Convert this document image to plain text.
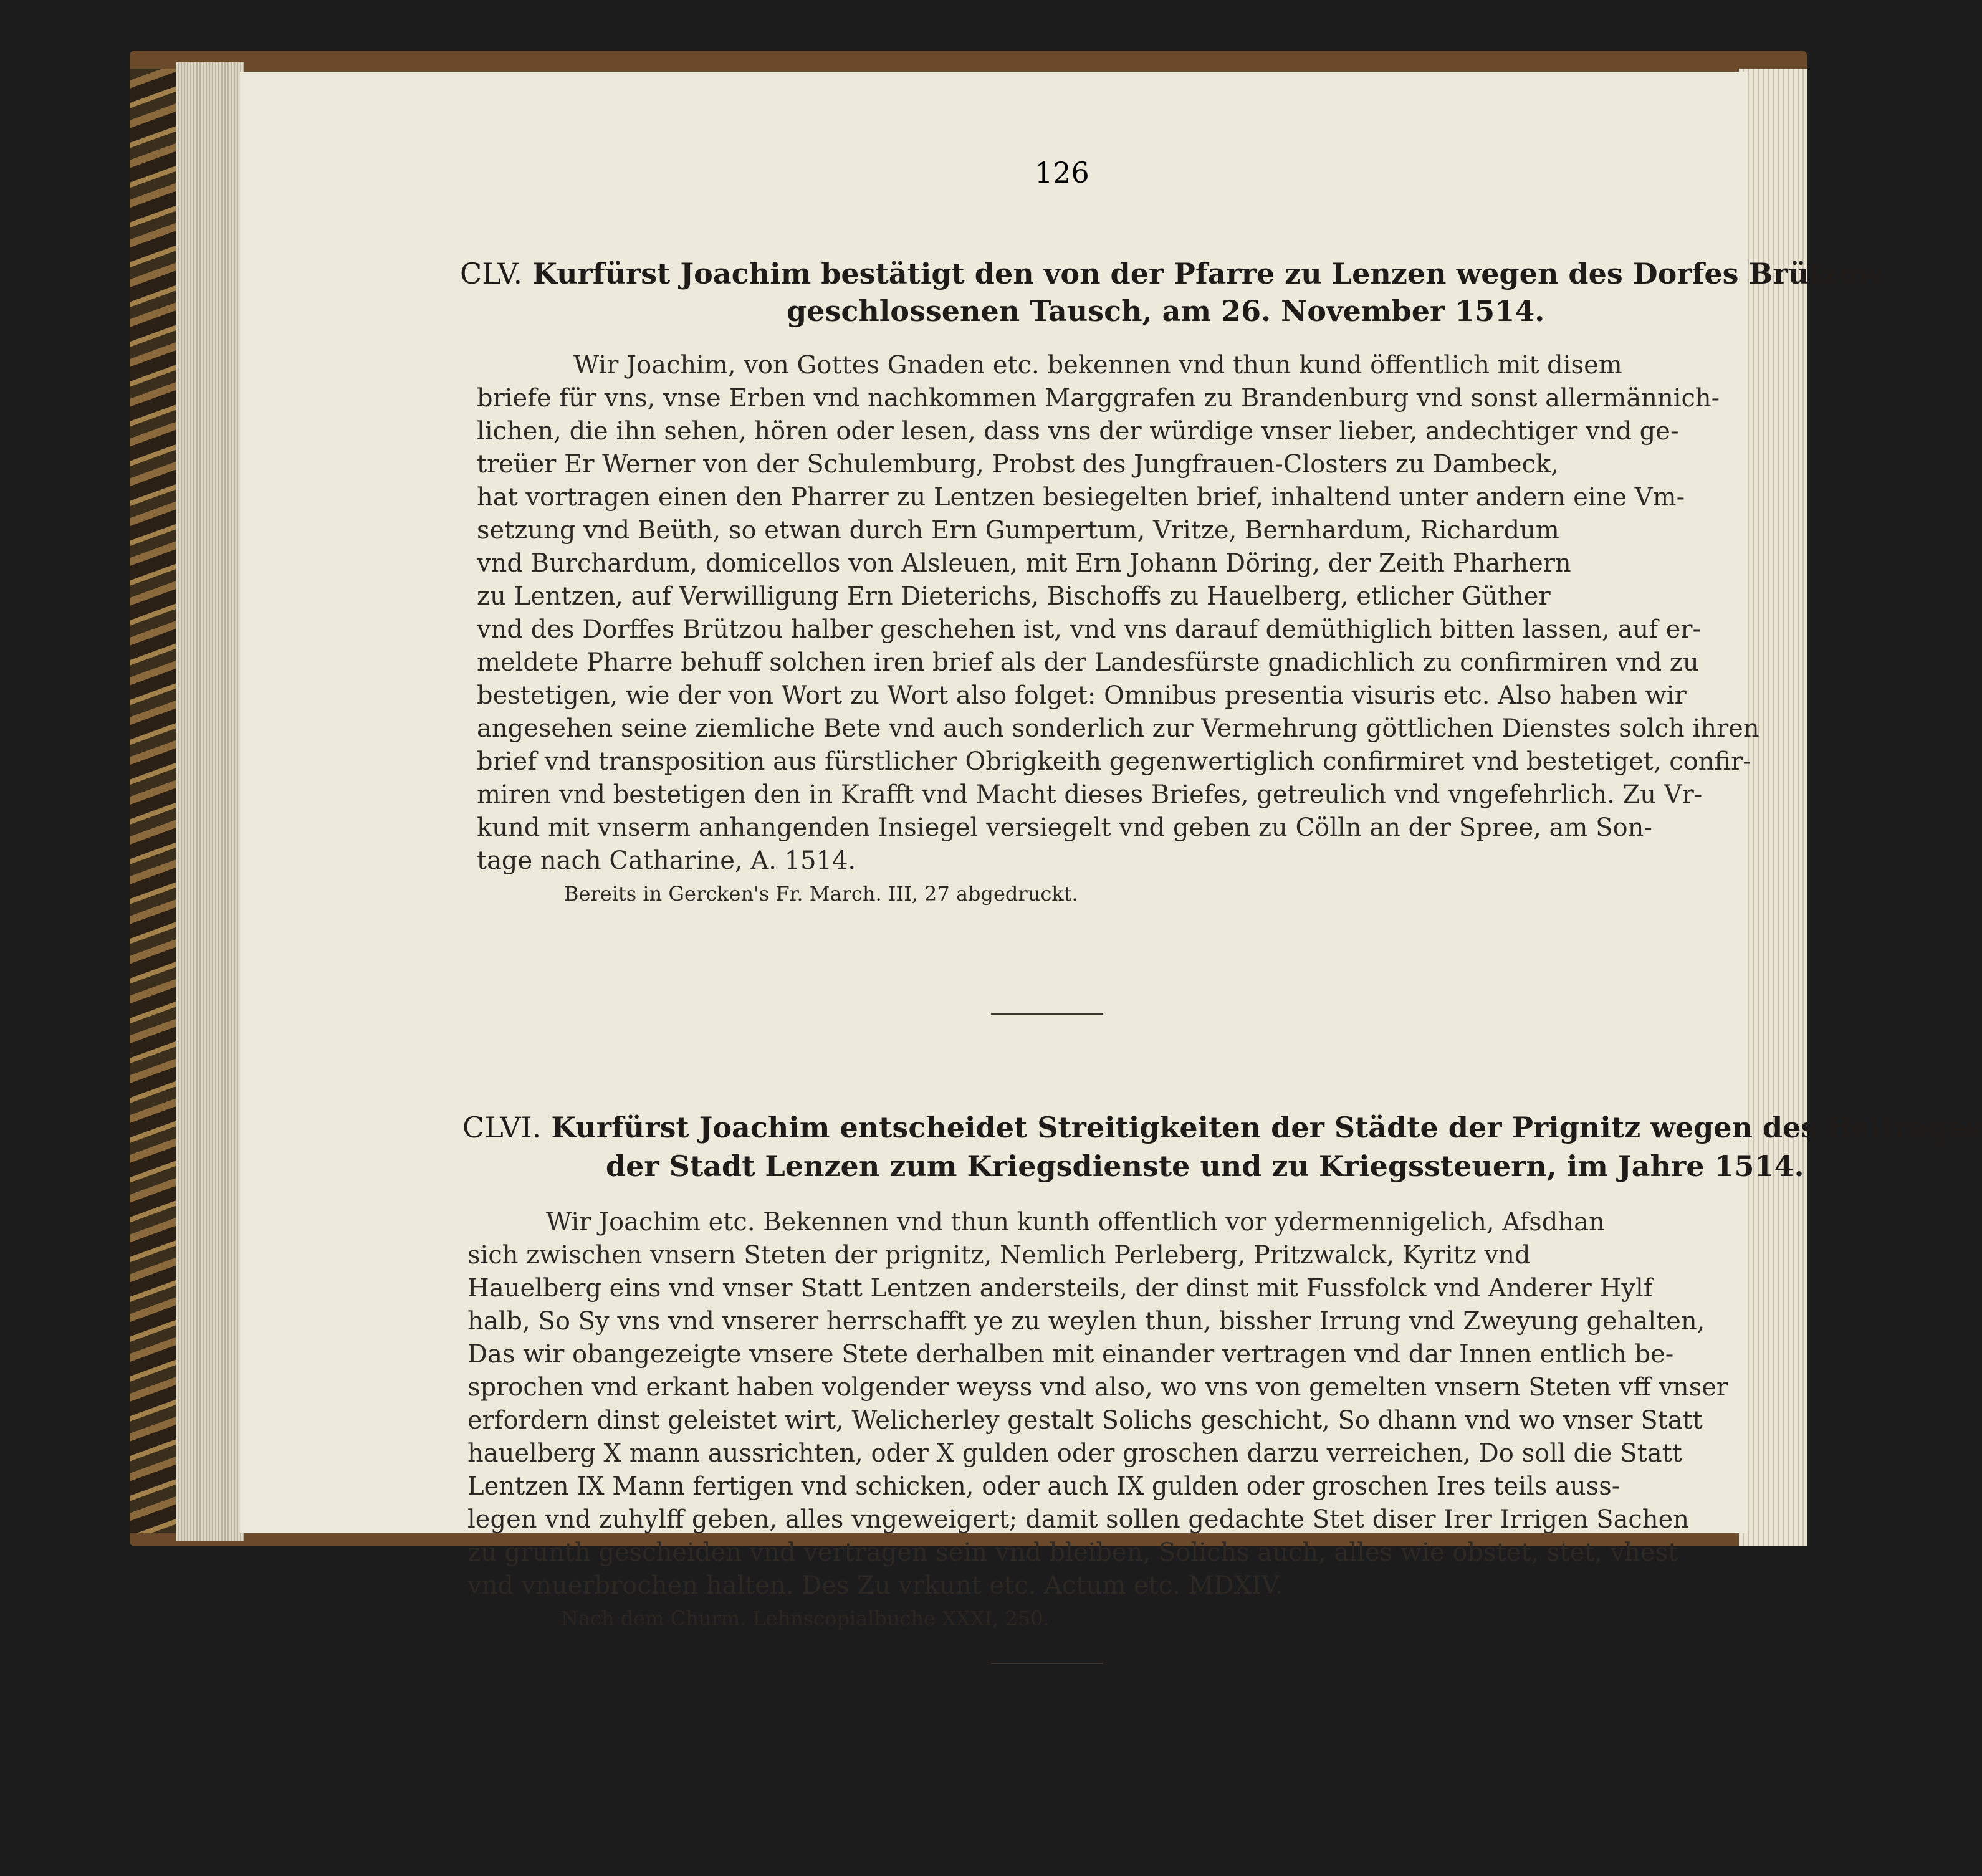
126
CLV. Kurfürst Joachim bestätigt den von der Pfarre zu Lenzen wegen des Dorfes Brützow
geschlossenen Tausch, am 26. November 1514.
Wir Joachim, von Gottes Gnaden etc. bekennen vnd thun kund öffentlich mit disem
briefe für vns, vnse Erben vnd nachkommen Marggrafen zu Brandenburg vnd sonst allermännich-
lichen, die ihn sehen, hören oder lesen, dass vns der würdige vnser lieber, andechtiger vnd ge-
treüer Er Werner von der Schulemburg, Probst des Jungfrauen-Closters zu Dambeck,
hat vortragen einen den Pharrer zu Lentzen besiegelten brief, inhaltend unter andern eine Vm-
setzung vnd Beüth, so etwan durch Ern Gumpertum, Vritze, Bernhardum, Richardum
vnd Burchardum, domicellos von Alsleuen, mit Ern Johann Döring, der Zeith Pharhern
zu Lentzen, auf Verwilligung Ern Dieterichs, Bischoffs zu Hauelberg, etlicher Güther
vnd des Dorffes Brützou halber geschehen ist, vnd vns darauf demüthiglich bitten lassen, auf er-
meldete Pharre behuff solchen iren brief als der Landesfürste gnadichlich zu confirmiren vnd zu
bestetigen, wie der von Wort zu Wort also folget: Omnibus presentia visuris etc. Also haben wir
angesehen seine ziemliche Bete vnd auch sonderlich zur Vermehrung göttlichen Dienstes solch ihren
brief vnd transposition aus fürstlicher Obrigkeith gegenwertiglich confirmiret vnd bestetiget, confir-
miren vnd bestetigen den in Krafft vnd Macht dieses Briefes, getreulich vnd vngefehrlich. Zu Vr-
kund mit vnserm anhangenden Insiegel versiegelt vnd geben zu Cölln an der Spree, am Son-
tage nach Catharine, A. 1514.
Bereits in Gercken's Fr. March. III, 27 abgedruckt.
CLVI. Kurfürst Joachim entscheidet Streitigkeiten der Städte der Prignitz wegen des Beitrages
der Stadt Lenzen zum Kriegsdienste und zu Kriegssteuern, im Jahre 1514.
Wir Joachim etc. Bekennen vnd thun kunth offentlich vor ydermennigelich, Afsdhan
sich zwischen vnsern Steten der prignitz, Nemlich Perleberg, Pritzwalck, Kyritz vnd
Hauelberg eins vnd vnser Statt Lentzen andersteils, der dinst mit Fussfolck vnd Anderer Hylf
halb, So Sy vns vnd vnserer herrschafft ye zu weylen thun, bissher Irrung vnd Zweyung gehalten,
Das wir obangezeigte vnsere Stete derhalben mit einander vertragen vnd dar Innen entlich be-
sprochen vnd erkant haben volgender weyss vnd also, wo vns von gemelten vnsern Steten vff vnser
erfordern dinst geleistet wirt, Welicherley gestalt Solichs geschicht, So dhann vnd wo vnser Statt
hauelberg X mann aussrichten, oder X gulden oder groschen darzu verreichen, Do soll die Statt
Lentzen IX Mann fertigen vnd schicken, oder auch IX gulden oder groschen Ires teils auss-
legen vnd zuhylff geben, alles vngeweigert; damit sollen gedachte Stet diser Irer Irrigen Sachen
zu grunth gescheiden vnd vertragen sein vnd bleiben, Solichs auch, alles wie obstet, stet, vhest
vnd vnuerbrochen halten. Des Zu vrkunt etc. Actum etc. MDXIV.
Nach dem Churm. Lehnscopialbuche XXXI, 250.
